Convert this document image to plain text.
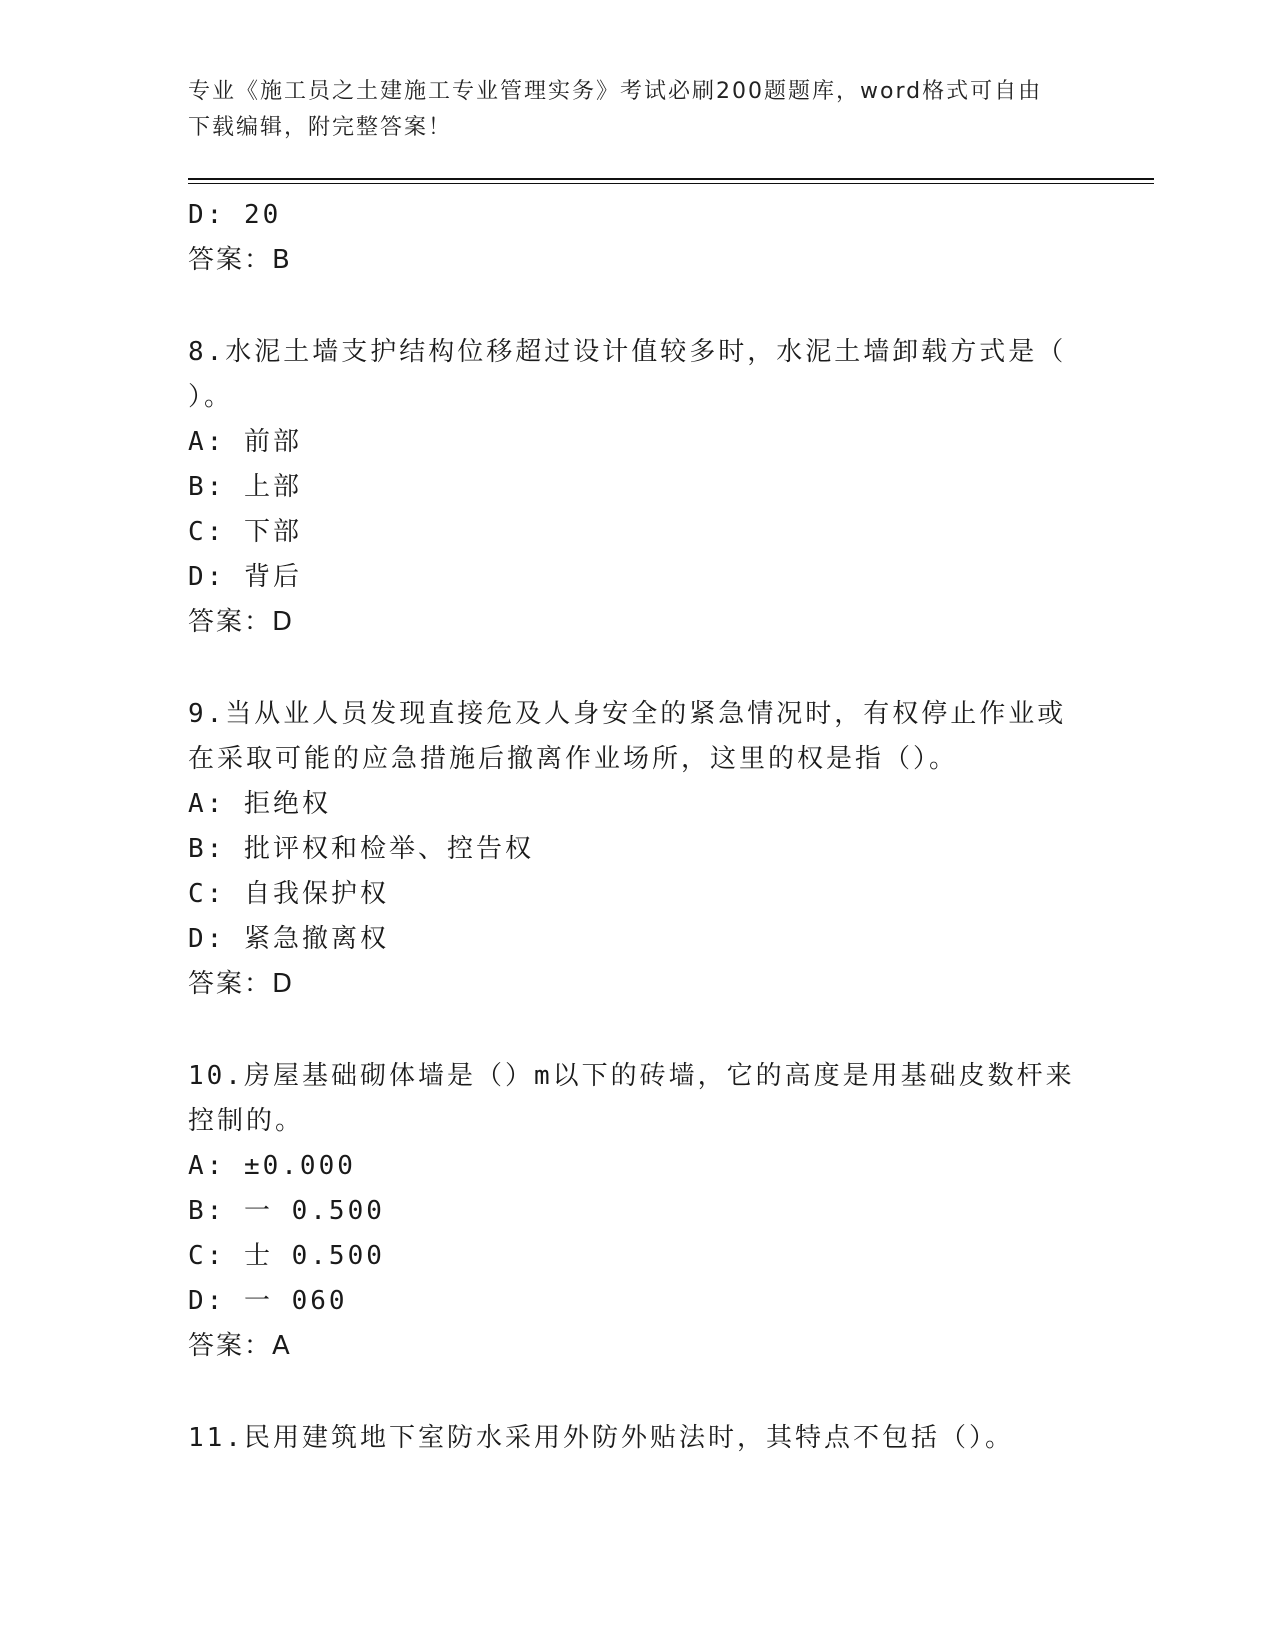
专业《施工员之土建施工专业管理实务》考试必刷200题题库，word格式可自由
下载编辑，附完整答案！
D: 20
答案：B
8.水泥土墙支护结构位移超过设计值较多时，水泥土墙卸载方式是（
）。
A: 前部
B: 上部
C: 下部
D: 背后
答案：D
9.当从业人员发现直接危及人身安全的紧急情况时，有权停止作业或
在采取可能的应急措施后撤离作业场所，这里的权是指（）。
A: 拒绝权
B: 批评权和检举、控告权
C: 自我保护权
D: 紧急撤离权
答案：D
10.房屋基础砌体墙是（）m以下的砖墙，它的高度是用基础皮数杆来
控制的。
A: ±0.000
B: 一 0.500
C: 士 0.500
D: 一 060
答案：A
11.民用建筑地下室防水采用外防外贴法时，其特点不包括（）。
